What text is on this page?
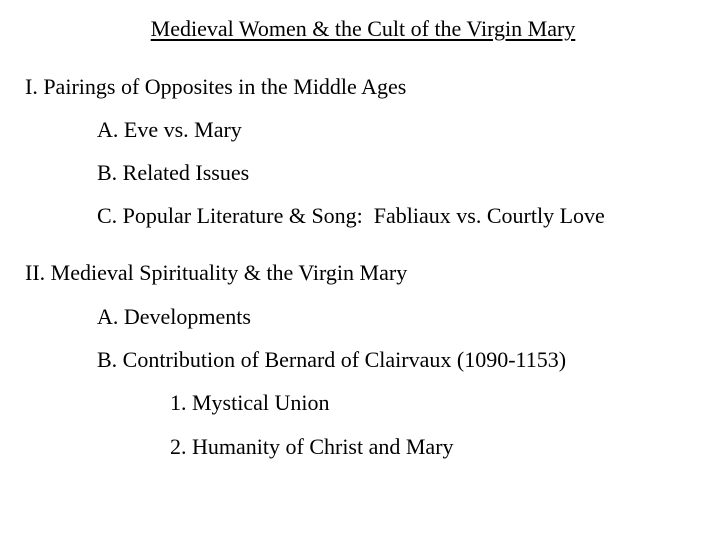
Medieval Women & the Cult of the Virgin Mary
I. Pairings of Opposites in the Middle Ages
A. Eve vs. Mary
B. Related Issues
C. Popular Literature & Song:  Fabliaux vs. Courtly Love
II. Medieval Spirituality & the Virgin Mary
A. Developments
B. Contribution of Bernard of Clairvaux (1090-1153)
1. Mystical Union
2. Humanity of Christ and Mary
